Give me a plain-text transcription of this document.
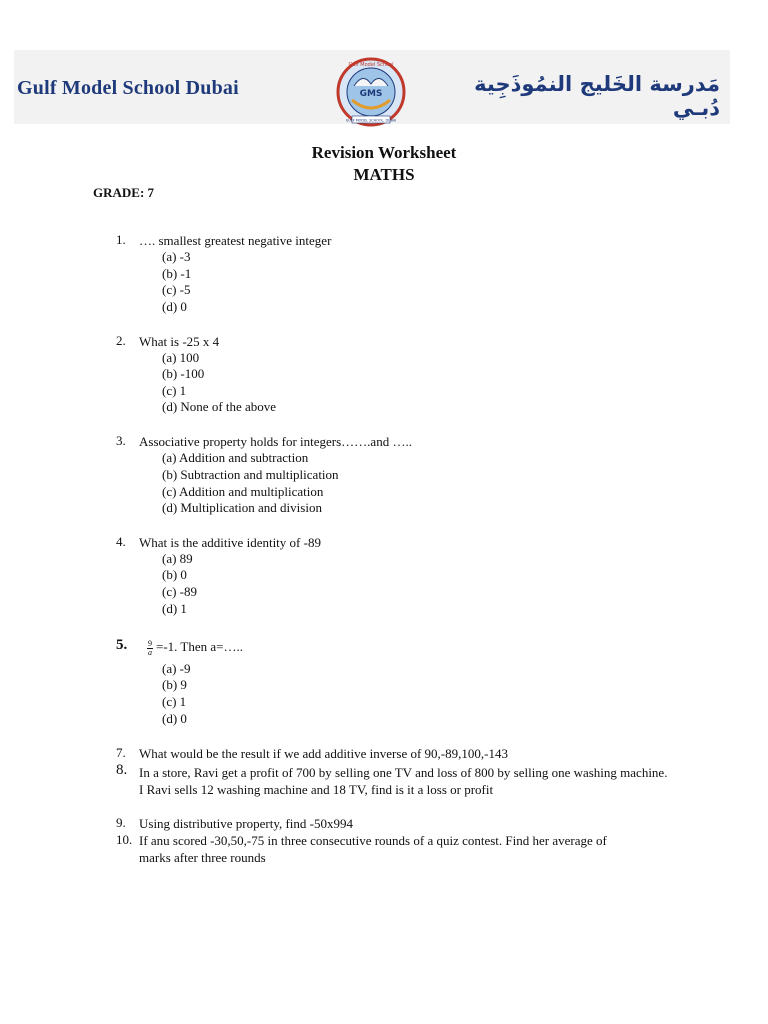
Gulf Model School Dubai	GMS
Gulf Model School
GULF MODEL SCHOOL, DUBAI
مَدرسة الخَليج النمُوذَجِية دُبـي
Revision Worksheet
MATHS
GRADE: 7
1. …. smallest greatest negative integer
(a) -3
(b) -1
(c) -5
(d) 0
2. What is -25 x 4
(a) 100
(b) -100
(c) 1
(d) None of the above
3. Associative property holds for integers…….and …..
(a) Addition and subtraction
(b) Subtraction and multiplication
(c) Addition and multiplication
(d) Multiplication and division
4. What is the additive identity of -89
(a) 89
(b) 0
(c) -89
(d) 1
5. $\frac{9}{a} =-1$. Then a=…..
(a) -9
(b) 9
(c) 1
(d) 0
7. What would be the result if we add additive inverse of 90,-89,100,-143
8. In a store, Ravi get a profit of 700 by selling one TV and loss of 800 by selling one washing machine. I Ravi sells 12 washing machine and 18 TV, find is it a loss or profit
9. Using distributive property, find -50x994
10. If anu scored -30,50,-75 in three consecutive rounds of a quiz contest. Find her average of marks after three rounds
